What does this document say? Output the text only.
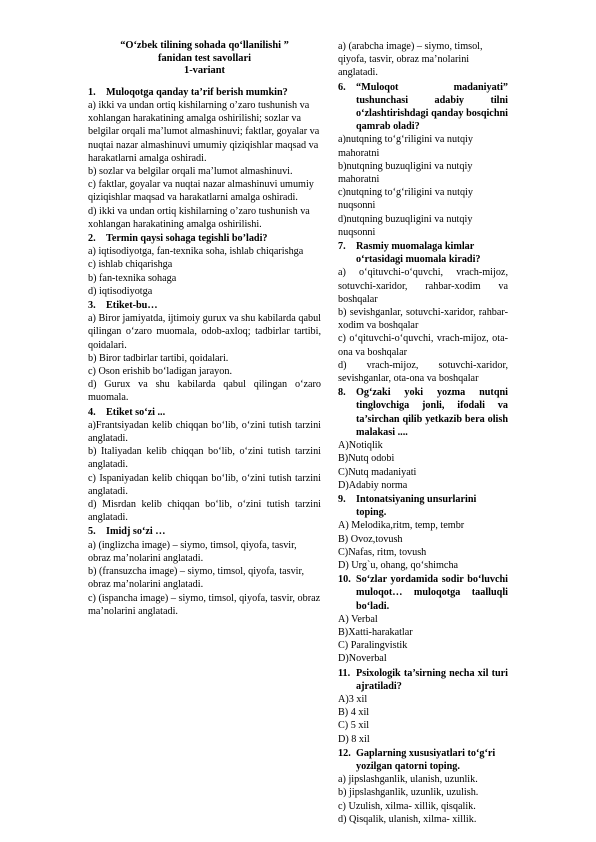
“O‘zbek tilining sohada qo‘llanilishi ”
fanidan test savollari
1-variant
1.	Muloqotga qanday ta’rif berish mumkin?
a) ikki va undan ortiq kishilarning o’zaro tushunish va xohlangan harakatining amalga oshirilishi; sozlar va belgilar orqali ma’lumot almashinuvi; faktlar, goyalar va nuqtai nazar almashinuvi umumiy qiziqishlar maqsad va harakatlarni amalga oshiradi.
b) sozlar va belgilar orqali ma’lumot almashinuvi.
c) faktlar, goyalar va nuqtai nazar almashinuvi umumiy qiziqishlar maqsad va harakatlarni amalga oshiradi.
d) ikki va undan ortiq kishilarning o’zaro tushunish va xohlangan harakatining amalga oshirilishi.
2.	Termin qaysi sohaga tegishli bo’ladi?
a) iqtisodiyotga, fan-texnika soha, ishlab chiqarishga
c) ishlab chiqarishga
b) fan-texnika sohaga
d) iqtisodiyotga
3.	Etiket-bu…
a) Biror jamiyatda, ijtimoiy gurux va shu kabilarda qabul qilingan o‘zaro muomala, odob-axloq; tadbirlar tartibi, qoidalari.
b) Biror tadbirlar tartibi, qoidalari.
c) Oson erishib bo‘ladigan jarayon.
d) Gurux va shu kabilarda qabul qilingan o‘zaro muomala.
4.	Etiket so‘zi ...
a)Frantsiyadan kelib chiqqan bo‘lib, o‘zini tutish tarzini anglatadi.
b) Italiyadan kelib chiqqan bo‘lib, o‘zini tutish tarzini anglatadi.
c) Ispaniyadan kelib chiqqan bo‘lib, o‘zini tutish tarzini anglatadi.
d) Misrdan kelib chiqqan bo‘lib, o‘zini tutish tarzini anglatadi.
5.	Imidj so‘zi …
a) (inglizcha image) – siymo, timsol, qiyofa, tasvir, obraz ma’nolarini anglatadi.
b) (fransuzcha image) – siymo, timsol, qiyofa, tasvir, obraz ma’nolarini anglatadi.
c) (ispancha image) – siymo, timsol, qiyofa, tasvir, obraz ma’nolarini anglatadi.
a) (arabcha image) – siymo, timsol, qiyofa, tasvir, obraz ma’nolarini anglatadi.
6.	“Muloqot madaniyati” tushunchasi adabiy tilni o‘zlashtirishdagi qanday bosqichni qamrab oladi?
a)nutqning to‘g‘riligini va nutqiy mahoratni
b)nutqning buzuqligini va nutqiy mahoratni
c)nutqning to‘g‘riligini va nutqiy nuqsonni
d)nutqning buzuqligini va nutqiy nuqsonni
7.	Rasmiy muomalaga kimlar o‘rtasidagi muomala kiradi?
a) o‘qituvchi-o‘quvchi, vrach-mijoz, sotuvchi-xaridor, rahbar-xodim va boshqalar
b) sevishganlar, sotuvchi-xaridor, rahbar-xodim va boshqalar
c) o‘qituvchi-o‘quvchi, vrach-mijoz, ota-ona va boshqalar
d) vrach-mijoz, sotuvchi-xaridor, sevishganlar, ota-ona va boshqalar
8.	Og‘zaki yoki yozma nutqni tinglovchiga jonli, ifodali va ta’sirchan qilib yetkazib bera olish malakasi ....
A)Notiqlik
B)Nutq odobi
C)Nutq madaniyati
D)Adabiy norma
9.	Intonatsiyaning unsurlarini toping.
A) Melodika,ritm, temp, tembr
B) Ovoz,tovush
C)Nafas, ritm, tovush
D) Urg`u, ohang, qo‘shimcha
10. So‘zlar yordamida sodir bo‘luvchi muloqot… muloqotga taalluqli bo‘ladi.
A) Verbal
B)Xatti-harakatlar
C) Paralingvistik
D)Noverbal
11. Psixologik ta’sirning necha xil turi ajratiladi?
A)3 xil
B) 4 xil
C) 5 xil
D) 8 xil
12. Gaplarning xususiyatlari to‘g‘ri yozilgan qatorni toping.
a) jipslashganlik, ulanish, uzunlik.
b) jipslashganlik, uzunlik, uzulish.
c) Uzulish, xilma- xillik, qisqalik.
d) Qisqalik, ulanish, xilma- xillik.
